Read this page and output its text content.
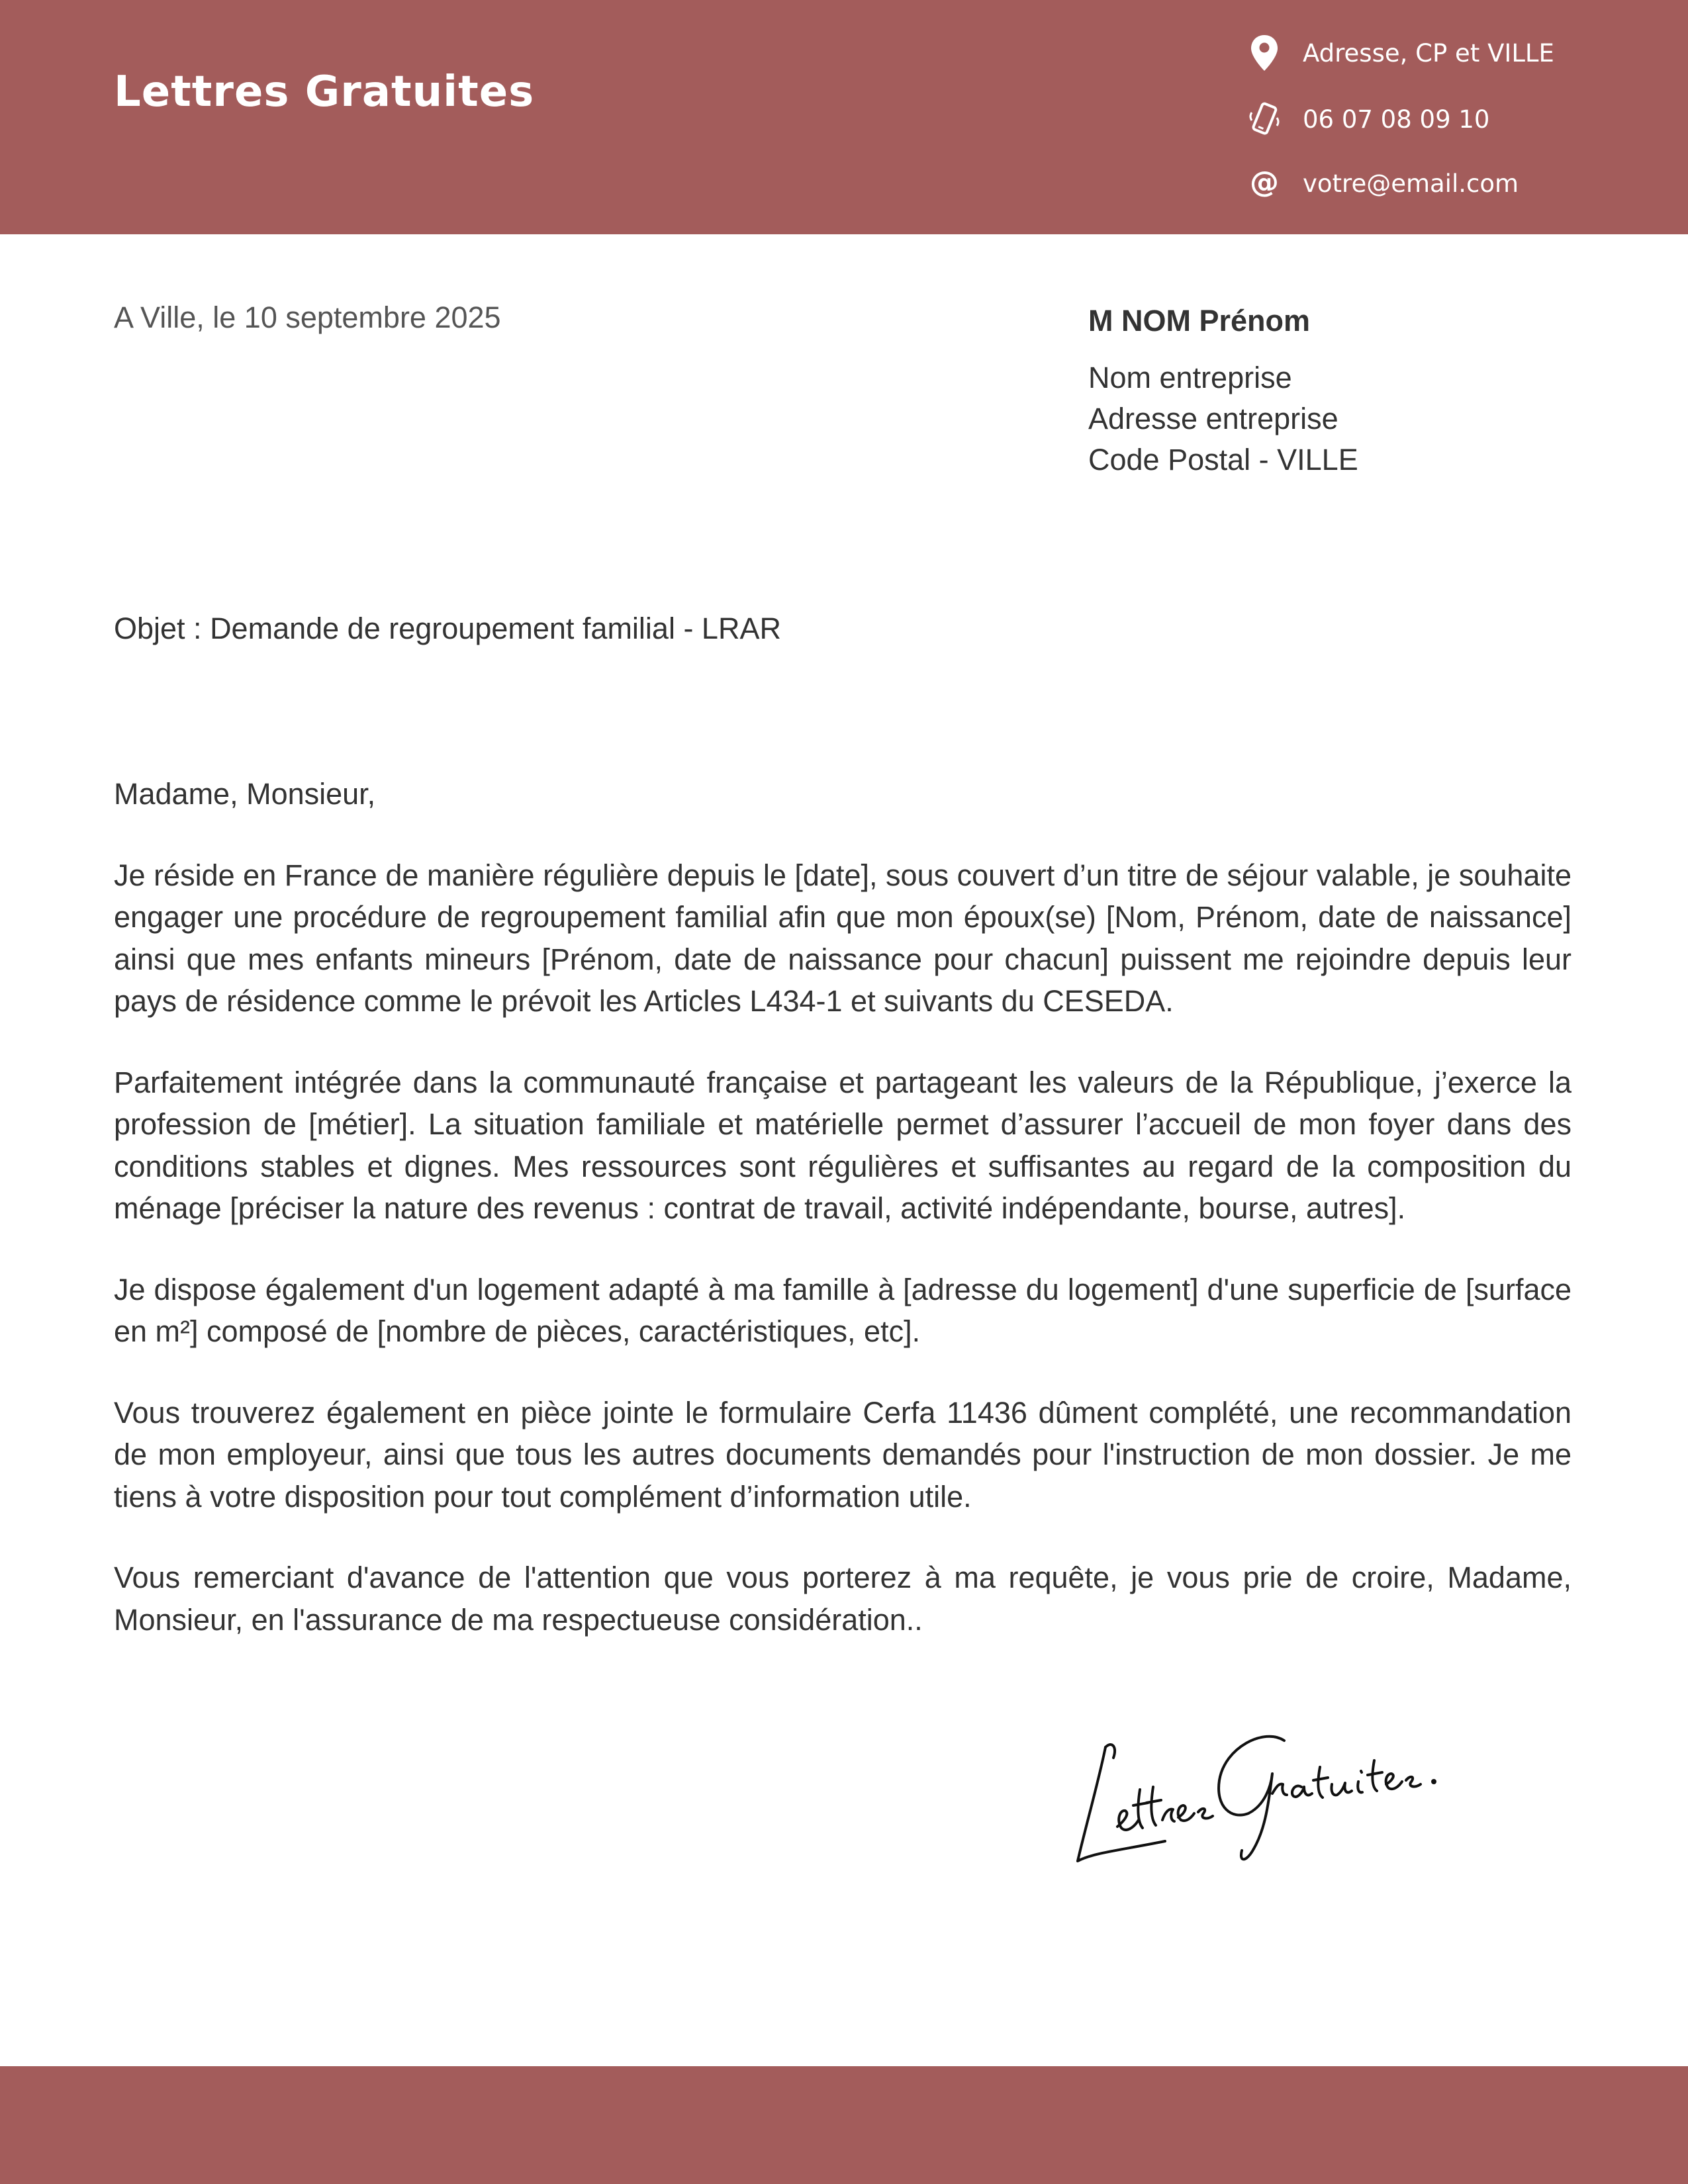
Lettres Gratuites
Adresse, CP et VILLE
06 07 08 09 10
@ votre@email.com
A Ville, le 10 septembre 2025	M NOM Prénom
Nom entreprise
Adresse entreprise
Code Postal - VILLE
Objet : Demande de regroupement familial - LRAR

Madame, Monsieur,

Je réside en France de manière régulière depuis le [date], sous couvert d’un titre de séjour valable, je souhaite engager une procédure de regroupement familial afin que mon époux(se) [Nom, Prénom, date de naissance] ainsi que mes enfants mineurs [Prénom, date de naissance pour chacun] puissent me rejoindre depuis leur pays de résidence comme le prévoit les Articles L434-1 et suivants du CESEDA.

Parfaitement intégrée dans la communauté française et partageant les valeurs de la République, j’exerce la profession de [métier]. La situation familiale et matérielle permet d’assurer l’accueil de mon foyer dans des conditions stables et dignes. Mes ressources sont régulières et suffisantes au regard de la composition du ménage [préciser la nature des revenus : contrat de travail, activité indépendante, bourse, autres].

Je dispose également d'un logement adapté à ma famille à [adresse du logement] d'une superficie de [surface en m²] composé de [nombre de pièces, caractéristiques, etc].

Vous trouverez également en pièce jointe le formulaire Cerfa 11436 dûment complété, une recommandation de mon employeur, ainsi que tous les autres documents demandés pour l'instruction de mon dossier. Je me tiens à votre disposition pour tout complément d’information utile.

Vous remerciant d'avance de l'attention que vous porterez à ma requête, je vous prie de croire, Madame, Monsieur, en l'assurance de ma respectueuse considération..
